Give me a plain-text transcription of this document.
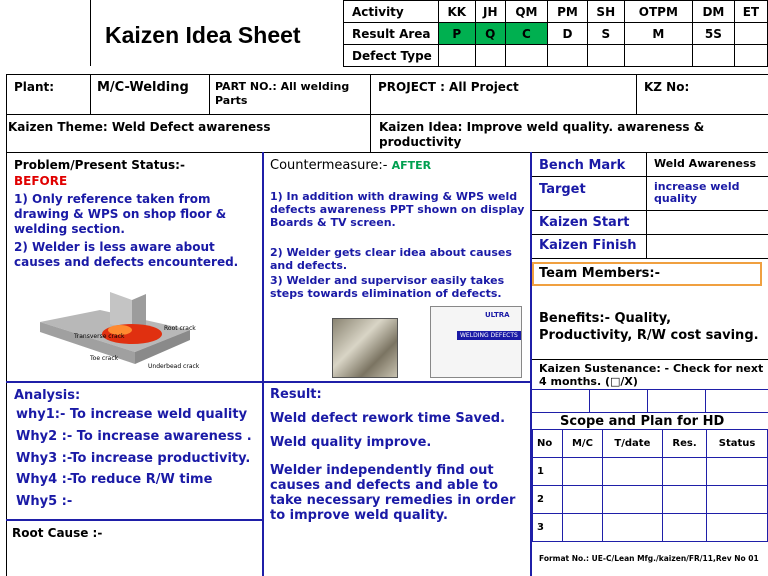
Kaizen Idea Sheet
Activity	KK	JH	QM	PM	SH	OTPM	DM	ET
Result Area	P	Q	C	D	S	M	5S	
Defect Type								
Plant:	M/C-Welding PART NO.: All welding Parts
PROJECT : All Project	KZ No:
Kaizen Theme: Weld Defect awareness	Kaizen Idea: Improve weld quality. awareness & productivity
Problem/Present Status:-
BEFORE
1) Only reference taken from drawing & WPS on shop floor & welding section.
2) Welder is less aware about causes and defects encountered.
Root crack
Transverse crack
Toe crack
Underbead crack
Countermeasure:- AFTER
1) In addition with drawing & WPS weld defects awareness PPT shown on display Boards & TV screen.
2) Welder gets clear idea about causes and defects.
3) Welder and supervisor easily takes steps towards elimination of defects.
ULTRA
WELDING DEFECTS
Bench Mark	Weld Awareness
Target	increase weld quality
Kaizen Start
Kaizen Finish
Team Members:-
Benefits:- Quality, Productivity, R/W cost saving.
Kaizen Sustenance: - Check for next 4 months. (□/X)
Scope and Plan for HD
No	M/C	T/date	Res.	Status
1				
2				
3				
Format No.: UE-C/Lean Mfg./kaizen/FR/11,Rev No 01
Analysis:
why1:- To increase weld quality
Why2 :- To increase awareness .
Why3 :-To increase productivity.
Why4 :-To reduce R/W time
Why5 :-
Root Cause :-
Result:
Weld defect rework time Saved.
Weld quality improve.
Welder independently find out causes and defects and able to take necessary remedies in order to improve weld quality.
